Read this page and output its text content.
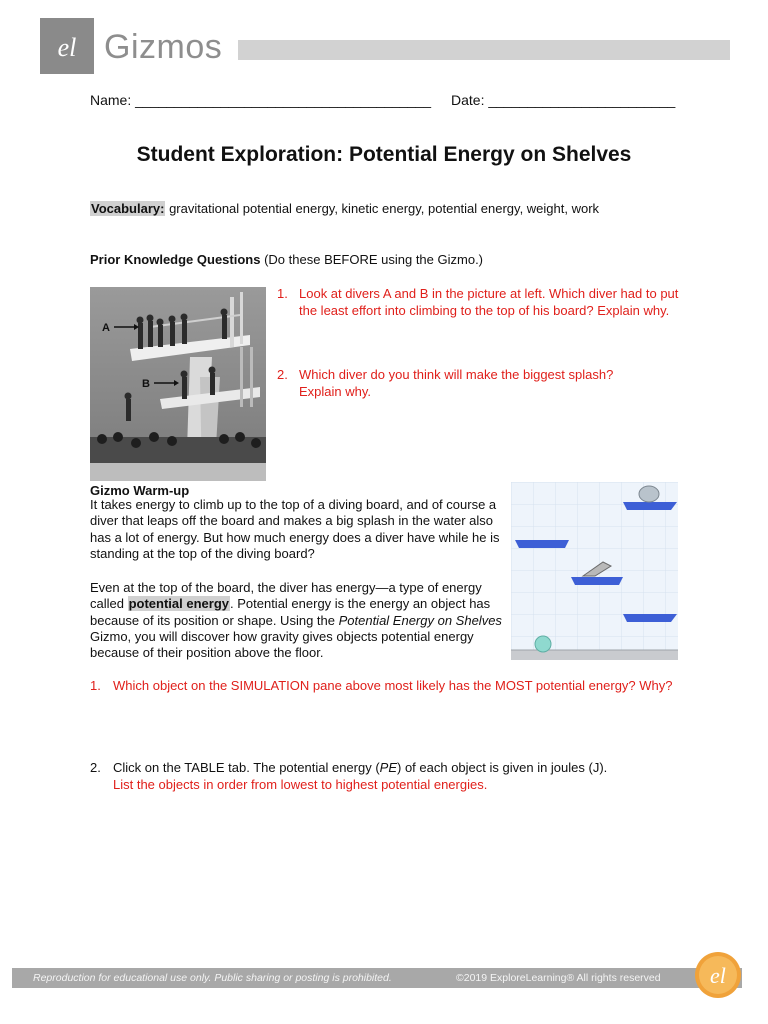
el Gizmos
Name: ______________________________________ Date: ________________________
Student Exploration: Potential Energy on Shelves
Vocabulary: gravitational potential energy, kinetic energy, potential energy, weight, work
Prior Knowledge Questions (Do these BEFORE using the Gizmo.)
A
B
1. Look at divers A and B in the picture at left. Which diver had to put the least effort into climbing to the top of his board? Explain why.
2. Which diver do you think will make the biggest splash? Explain why.
Gizmo Warm-up
It takes energy to climb up to the top of a diving board, and of course a diver that leaps off the board and makes a big splash in the water also has a lot of energy. But how much energy does a diver have while he is standing at the top of the diving board?
Even at the top of the board, the diver has energy—a type of energy called potential energy. Potential energy is the energy an object has because of its position or shape. Using the Potential Energy on Shelves Gizmo, you will discover how gravity gives objects potential energy because of their position above the floor.
1. Which object on the SIMULATION pane above most likely has the MOST potential energy? Why?
2. Click on the TABLE tab. The potential energy (PE) of each object is given in joules (J).
List the objects in order from lowest to highest potential energies.
Reproduction for educational use only. Public sharing or posting is prohibited.	©2019 ExploreLearning® All rights reserved el
